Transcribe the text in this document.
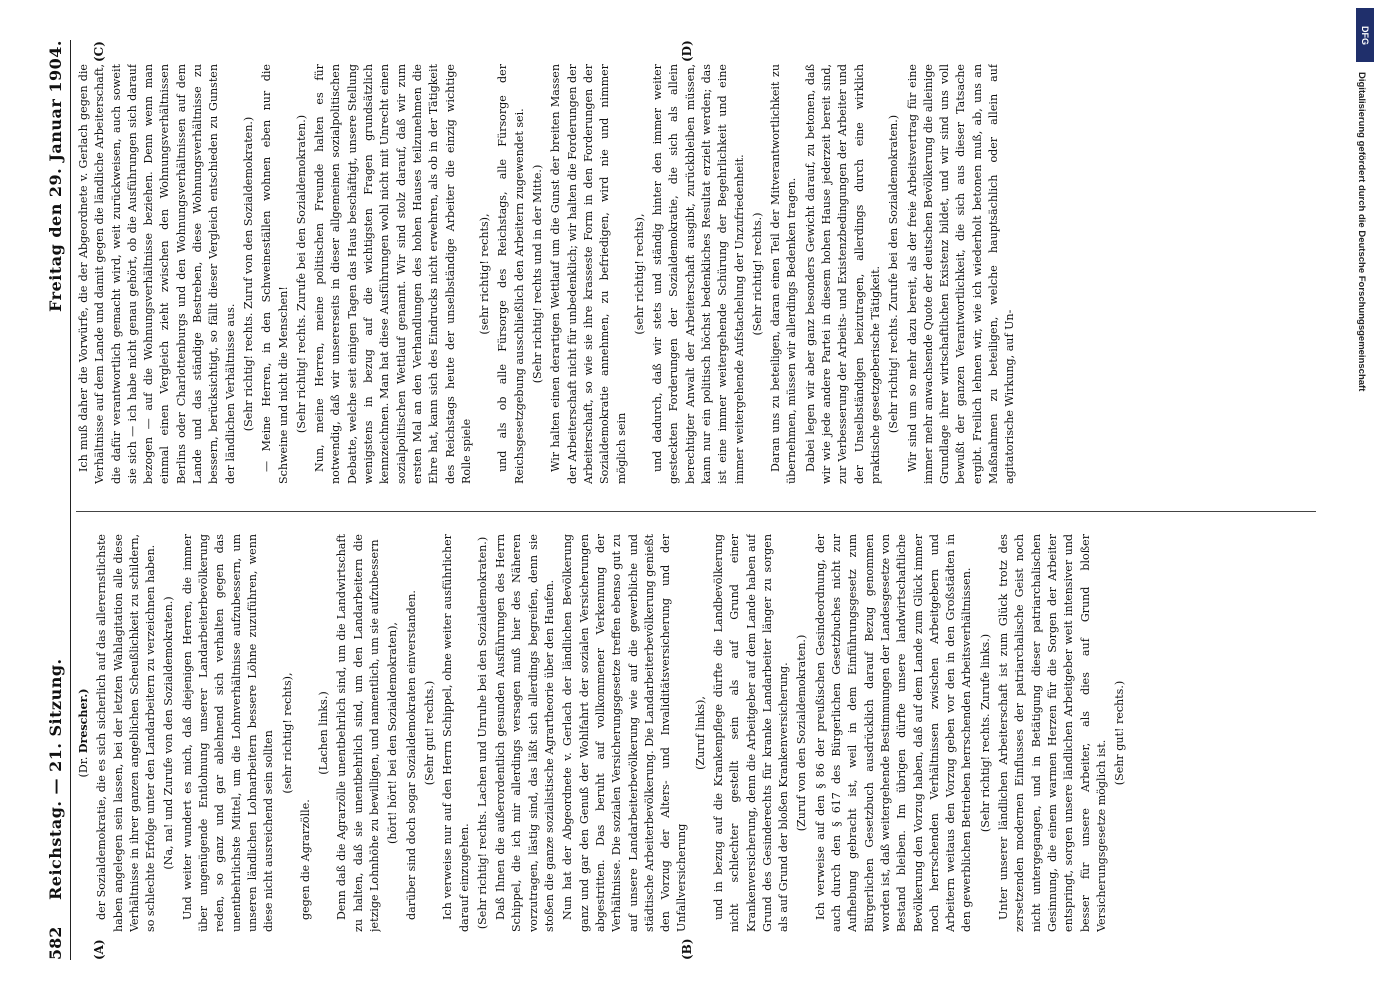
582
Reichstag. — 21. Sitzung.
Freitag den 29. Januar 1904.
(A)	(B)
(C)	(D)

(Dr. Drescher.) der Sozialdemokratie, die es sich sicherlich auf das allerernstlichste haben angelegen sein lassen, bei der letzten Wahlagitation alle diese Verhältnisse in ihrer ganzen angeblichen Scheußlichkeit zu schildern, so schlechte Erfolge unter den Landarbeitern zu verzeichnen haben. (Na, na! und Zurufe von den Sozialdemokraten.) Und weiter wundert es mich, daß diejenigen Herren, die immer über ungenügende Entlohnung unserer Landarbeiterbevölkerung reden, so ganz und gar ablehnend sich verhalten gegen das unentbehrlichste Mittel, um die Lohnverhältnisse aufzubessern, um unseren ländlichen Lohnarbeitern bessere Löhne zuzuführen, wenn diese nicht ausreichend sein sollten (sehr richtig! rechts),

gegen die Agrarzölle.

(Lachen links.) Denn daß die Agrarzölle unentbehrlich sind, um die Landwirtschaft zu halten, daß sie unentbehrlich sind, um den Landarbeitern die jetzige Lohnhöhe zu bewilligen, und namentlich, um sie aufzubessern (hört! hört! bei den Sozialdemokraten), darüber sind doch sogar Sozialdemokraten einverstanden. (Sehr gut! rechts.) Ich verweise nur auf den Herrn Schippel, ohne weiter ausführlicher darauf einzugehen. (Sehr richtig! rechts. Lachen und Unruhe bei den Sozialdemokraten.) Daß Ihnen die außerordentlich gesunden Ausführungen des Herrn Schippel, die ich mir allerdings versagen muß hier des Näheren vorzutragen, lästig sind, das läßt sich allerdings begreifen, denn sie stoßen die ganze sozialistische Agrartheorie über den Haufen. Nun hat der Abgeordnete v. Gerlach der ländlichen Bevölkerung ganz und gar den Genuß der Wohlfahrt der sozialen Versicherungen abgestritten. Das beruht auf vollkommener Verkennung der Verhältnisse. Die sozialen Versicherungsgesetze treffen ebenso gut zu auf unsere Landarbeiterbevölkerung wie auf die gewerbliche und städtische Arbeiterbevölkerung. Die Landarbeiterbevölkerung genießt den Vorzug der Alters- und Invaliditätsversicherung und der Unfallversicherung

(Zuruf links), und in bezug auf die Krankenpflege dürfte die Landbevölkerung nicht schlechter gestellt sein als auf Grund einer Krankenversicherung, denn die Arbeitgeber auf dem Lande haben auf Grund des Gesinderechts für kranke Landarbeiter länger zu sorgen als auf Grund der bloßen Krankenversicherung. (Zuruf von den Sozialdemokraten.) Ich verweise auf den § 86 der preußischen Gesindeordnung, der auch durch den § 617 des Bürgerlichen Gesetzbuches nicht zur Aufhebung gebracht ist, weil in dem Einführungsgesetz zum Bürgerlichen Gesetzbuch ausdrücklich darauf Bezug genommen worden ist, daß weitergehende Bestimmungen der Landesgesetze von Bestand bleiben. Im übrigen dürfte unsere landwirtschaftliche Bevölkerung den Vorzug haben, daß auf dem Lande zum Glück immer noch herrschenden Verhältnissen zwischen Arbeitgebern und Arbeitern weitaus den Vorzug geben vor den in den Großstädten in den gewerblichen Betrieben herrschenden Arbeitsverhältnissen. (Sehr richtig! rechts. Zurufe links.) Unter unserer ländlichen Arbeiterschaft ist zum Glück trotz des zersetzenden modernen Einflusses der patriarchalische Geist noch nicht untergegangen, und in Betätigung dieser patriarchalischen Gesinnung, die einem warmen Herzen für die Sorgen der Arbeiter entspringt, sorgen unsere ländlichen Arbeitgeber weit intensiver und besser für unsere Arbeiter, als dies auf Grund bloßer Versicherungsgesetze möglich ist.

(Sehr gut! rechts.)

Ich muß daher die Vorwürfe, die der Abgeordnete v. Gerlach gegen die Verhältnisse auf dem Lande und damit gegen die ländliche Arbeiterschaft, die dafür verantwortlich gemacht wird, weit zurückweisen, auch soweit sie sich — ich habe nicht genau gehört, ob die Ausführungen sich darauf bezogen — auf die Wohnungsverhältnisse beziehen. Denn wenn man einmal einen Vergleich zieht zwischen den Wohnungsverhältnissen Berlins oder Charlottenburgs und den Wohnungsverhältnissen auf dem Lande und das ständige Bestreben, diese Wohnungsverhältnisse zu bessern, berücksichtigt, so fällt dieser Vergleich entschieden zu Gunsten der ländlichen Verhältnisse aus. (Sehr richtig! rechts. Zuruf von den Sozialdemokraten.) — Meine Herren, in den Schweineställen wohnen eben nur die Schweine und nicht die Menschen! (Sehr richtig! rechts. Zurufe bei den Sozialdemokraten.) Nun, meine Herren, meine politischen Freunde halten es für notwendig, daß wir unsererseits in dieser allgemeinen sozialpolitischen Debatte, welche seit einigen Tagen das Haus beschäftigt, unsere Stellung wenigstens in bezug auf die wichtigsten Fragen grundsätzlich kennzeichnen. Man hat diese Ausführungen wohl nicht mit Unrecht einen sozialpolitischen Wettlauf genannt. Wir sind stolz darauf, daß wir zum ersten Mal an den Verhandlungen des hohen Hauses teilzunehmen die Ehre hat, kann sich des Eindrucks nicht erwehren, als ob in der Tätigkeit des Reichstags heute der unselbständige Arbeiter die einzig wichtige Rolle spiele

(sehr richtig! rechts), und als ob alle Fürsorge des Reichstags, alle Fürsorge der Reichsgesetzgebung ausschließlich den Arbeitern zugewendet sei. (Sehr richtig! rechts und in der Mitte.) Wir halten einen derartigen Wettlauf um die Gunst der breiten Massen der Arbeiterschaft nicht für unbedenklich; wir halten die Forderungen der Arbeiterschaft, so wie sie ihre krasseste Form in den Forderungen der Sozialdemokratie annehmen, zu befriedigen, wird nie und nimmer möglich sein

(sehr richtig! rechts), und dadurch, daß wir stets und ständig hinter den immer weiter gesteckten Forderungen der Sozialdemokratie, die sich als allein berechtigter Anwalt der Arbeiterschaft ausgibt, zurückbleiben müssen, kann nur ein politisch höchst bedenkliches Resultat erzielt werden; das ist eine immer weitergehende Schürung der Begehrlichkeit und eine immer weitergehende Aufstachelung der Unzufriedenheit. (Sehr richtig! rechts.) Daran uns zu beteiligen, daran einen Teil der Mitverantwortlichkeit zu übernehmen, müssen wir allerdings Bedenken tragen. Dabei legen wir aber ganz besonders Gewicht darauf, zu betonen, daß wir wie jede andere Partei in diesem hohen Hause jederzeit bereit sind, zur Verbesserung der Arbeits- und Existenzbedingungen der Arbeiter und der Unselbständigen beizutragen, allerdings durch eine wirklich praktische gesetzgeberische Tätigkeit. (Sehr richtig! rechts. Zurufe bei den Sozialdemokraten.) Wir sind um so mehr dazu bereit, als der freie Arbeitsvertrag für eine immer mehr anwachsende Quote der deutschen Bevölkerung die alleinige Grundlage ihrer wirtschaftlichen Existenz bildet, und wir sind uns voll bewußt der ganzen Verantwortlichkeit, die sich aus dieser Tatsache ergibt. Freilich lehnen wir, wie ich wiederholt betonen muß, ab, uns an Maßnahmen zu beteiligen, welche hauptsächlich oder allein auf agitatorische Wirkung, auf Un-

DFG
Digitalisierung gefördert durch die Deutsche Forschungsgemeinschaft
